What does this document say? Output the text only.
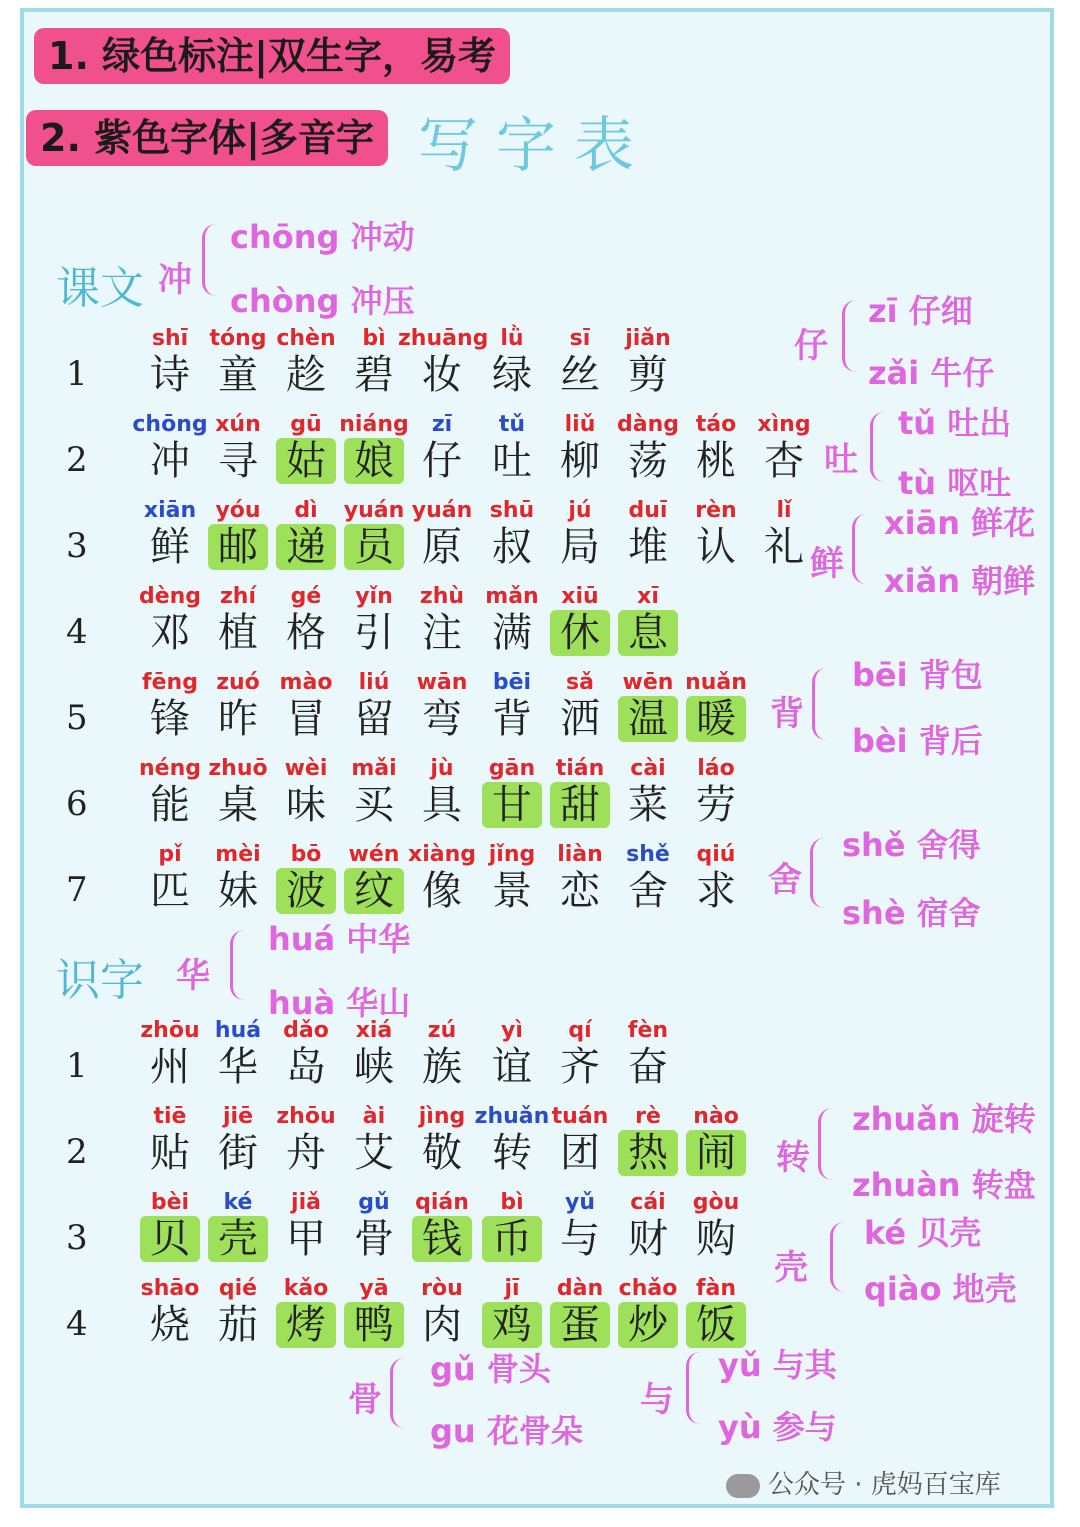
1. 绿色标注|双生字，易考
2. 紫色字体|多音字 写字表
课文
识字
1
shī
诗
tóng
童
chèn
趁
bì
碧
zhuāng
妆
lǜ
绿
sī
丝
jiǎn
剪
2
chōng
冲
xún
寻
gū
姑
niáng
娘
zī
仔
tǔ
吐
liǔ
柳
dàng
荡
táo
桃
xìng
杏
3
xiān
鲜
yóu
邮
dì
递
yuán
员
yuán
原
shū
叔
jú
局
duī
堆
rèn
认
lǐ
礼
4
dèng
邓
zhí
植
gé
格
yǐn
引
zhù
注
mǎn
满
xiū
休
xī
息
5
fēng
锋
zuó
昨
mào
冒
liú
留
wān
弯
bēi
背
sǎ
洒
wēn
温
nuǎn
暖
6
néng
能
zhuō
桌
wèi
味
mǎi
买
jù
具
gān
甘
tián
甜
cài
菜
láo
劳
7
pǐ
匹
mèi
妹
bō
波
wén
纹
xiàng
像
jǐng
景
liàn
恋
shě
舍
qiú
求
1
zhōu
州
huá
华
dǎo
岛
xiá
峡
zú
族
yì
谊
qí
齐
fèn
奋
2
tiē
贴
jiē
街
zhōu
舟
ài
艾
jìng
敬
zhuǎn
转
tuán
团
rè
热
nào
闹
3
bèi
贝
ké
壳
jiǎ
甲
gǔ
骨
qián
钱
bì
币
yǔ
与
cái
财
gòu
购
4
shāo
烧
qié
茄
kǎo
烤
yā
鸭
ròu
肉
jī
鸡
dàn
蛋
chǎo
炒
fàn
饭
冲
chōng 冲动
chòng 冲压
华
huá 中华
huà 华山
仔
zī 仔细
zǎi 牛仔
吐
tǔ 吐出
tù 呕吐
鲜
xiān 鲜花
xiǎn 朝鲜
背
bēi 背包
bèi 背后
舍
shě 舍得
shè 宿舍
转
zhuǎn 旋转
zhuàn 转盘
壳
ké 贝壳
qiào 地壳
骨
gǔ 骨头
gu 花骨朵
与
yǔ 与其
yù 参与
公众号 · 虎妈百宝库
